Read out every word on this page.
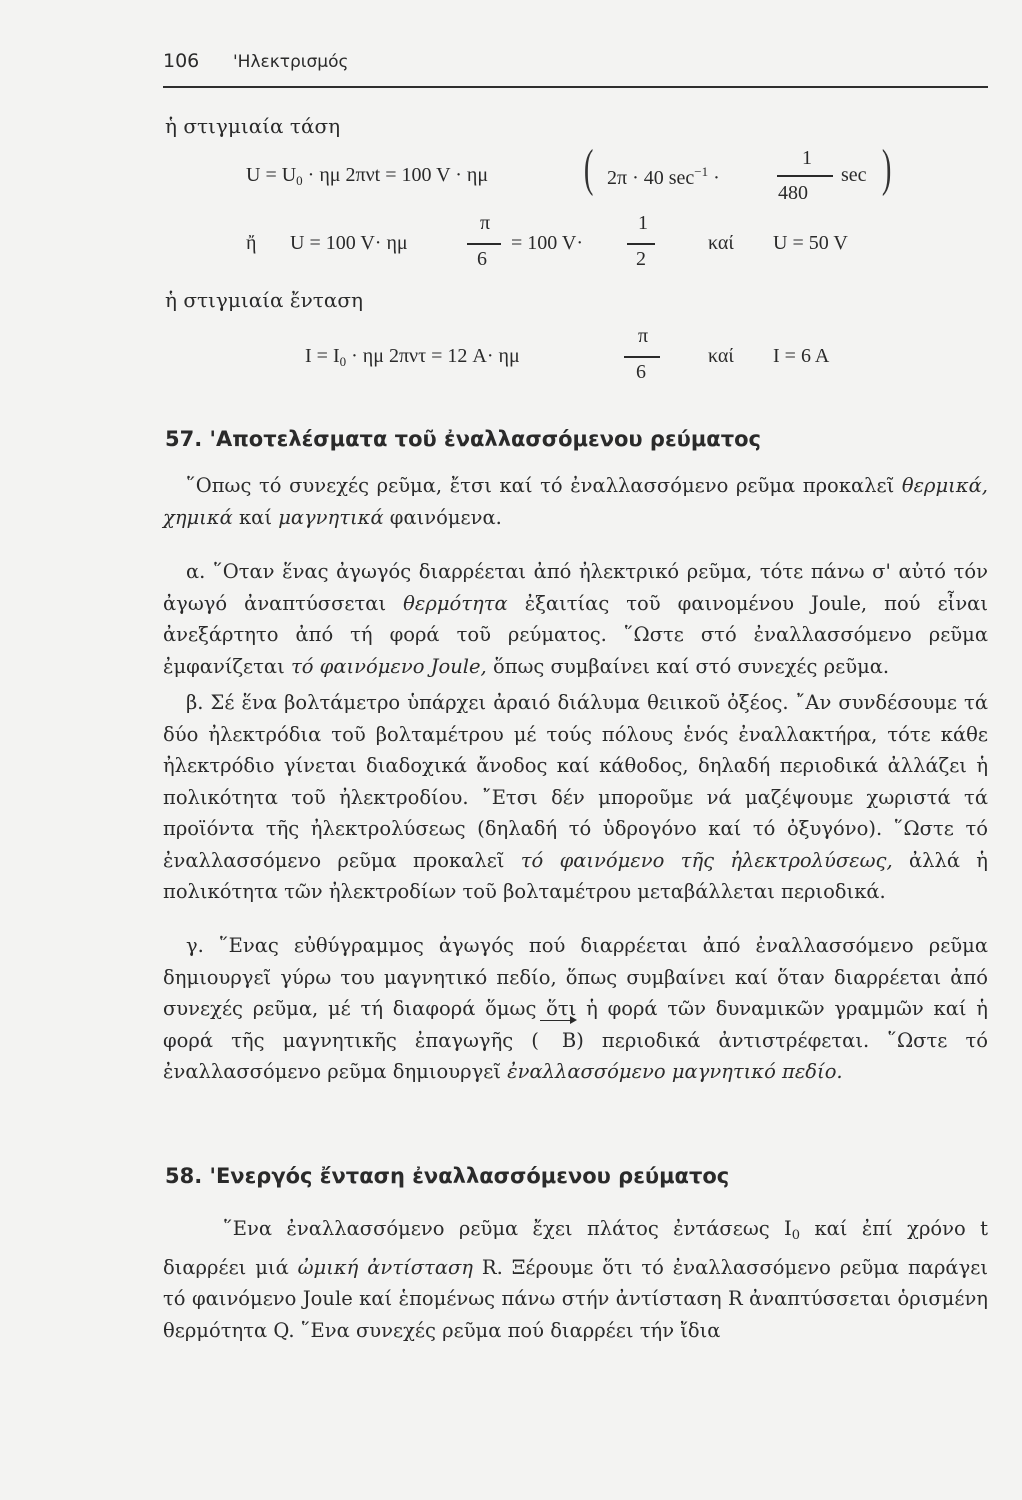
106 'Ηλεκτρισμός
ἡ στιγμιαία τάση
$U = U_0 \cdot \eta\mu$ 2πνt = 100 V · ημ ( 2π · 40 $\sec^{-1}$ ·
1
480
sec )
ἤ U = 100 V· ημ
π
6
= 100 V·
1
2
καί U = 50 V
ἡ στιγμιαία ἔνταση
$I = I_0 \cdot \eta\mu$ 2πντ = 12 A· ημ
π
6
καί I = 6 A
57. 'Αποτελέσματα τοῦ ἐναλλασσόμενου ρεύματος

῞Οπως τό συνεχές ρεῦμα, ἔτσι καί τό ἐναλλασσόμενο ρεῦμα προκαλεῖ θερμικά, χημικά καί μαγνητικά φαινόμενα.

α. ῞Οταν ἕνας ἀγωγός διαρρέεται ἀπό ἠλεκτρικό ρεῦμα, τότε πάνω σ' αὐτό τόν ἀγωγό ἀναπτύσσεται θερμότητα ἐξαιτίας τοῦ φαινομένου Joule, πού εἶναι ἀνεξάρτητο ἀπό τή φορά τοῦ ρεύματος. ῞Ωστε στό ἐναλλασσόμενο ρεῦμα ἐμφανίζεται τό φαινόμενο Joule, ὅπως συμβαίνει καί στό συνεχές ρεῦμα.

β. Σέ ἕνα βολτάμετρο ὑπάρχει ἀραιό διάλυμα θειικοῦ ὀξέος. ῎Αν συνδέσουμε τά δύο ἠλεκτρόδια τοῦ βολταμέτρου μέ τούς πόλους ἑνός ἐναλλακτήρα, τότε κάθε ἠλεκτρόδιο γίνεται διαδοχικά ἄνοδος καί κάθοδος, δηλαδή περιοδικά ἀλλάζει ἡ πολικότητα τοῦ ἠλεκτροδίου. ῎Ετσι δέν μποροῦμε νά μαζέψουμε χωριστά τά προϊόντα τῆς ἠλεκτρολύσεως (δηλαδή τό ὑδρογόνο καί τό ὀξυγόνο). ῞Ωστε τό ἐναλλασσόμενο ρεῦμα προκαλεῖ τό φαινόμενο τῆς ἠλεκτρολύσεως, ἀλλά ἡ πολικότητα τῶν ἠλεκτροδίων τοῦ βολταμέτρου μεταβάλλεται περιοδικά.

γ. ῞Ενας εὐθύγραμμος ἀγωγός πού διαρρέεται ἀπό ἐναλλασσόμενο ρεῦμα δημιουργεῖ γύρω του μαγνητικό πεδίο, ὅπως συμβαίνει καί ὅταν διαρρέεται ἀπό συνεχές ρεῦμα, μέ τή διαφορά ὅμως ὅτι ἡ φορά τῶν δυναμικῶν γραμμῶν καί ἡ φορά τῆς μαγνητικῆς ἐπαγωγῆς ( B) περιοδικά ἀντιστρέφεται. ῞Ωστε τό ἐναλλασσόμενο ρεῦμα δημιουργεῖ ἐναλλασσόμενο μαγνητικό πεδίο.

58. 'Ενεργός ἔνταση ἐναλλασσόμενου ρεύματος

῞Ενα ἐναλλασσόμενο ρεῦμα ἔχει πλάτος ἐντάσεως $I_0$ καί ἐπί χρόνο t διαρρέει μιά ὠμική ἀντίσταση R. Ξέρουμε ὅτι τό ἐναλλασσόμενο ρεῦμα παράγει τό φαινόμενο Joule καί ἑπομένως πάνω στήν ἀντίσταση R ἀναπτύσσεται ὁρισμένη θερμότητα Q. ῞Ενα συνεχές ρεῦμα πού διαρρέει τήν ἴδια
